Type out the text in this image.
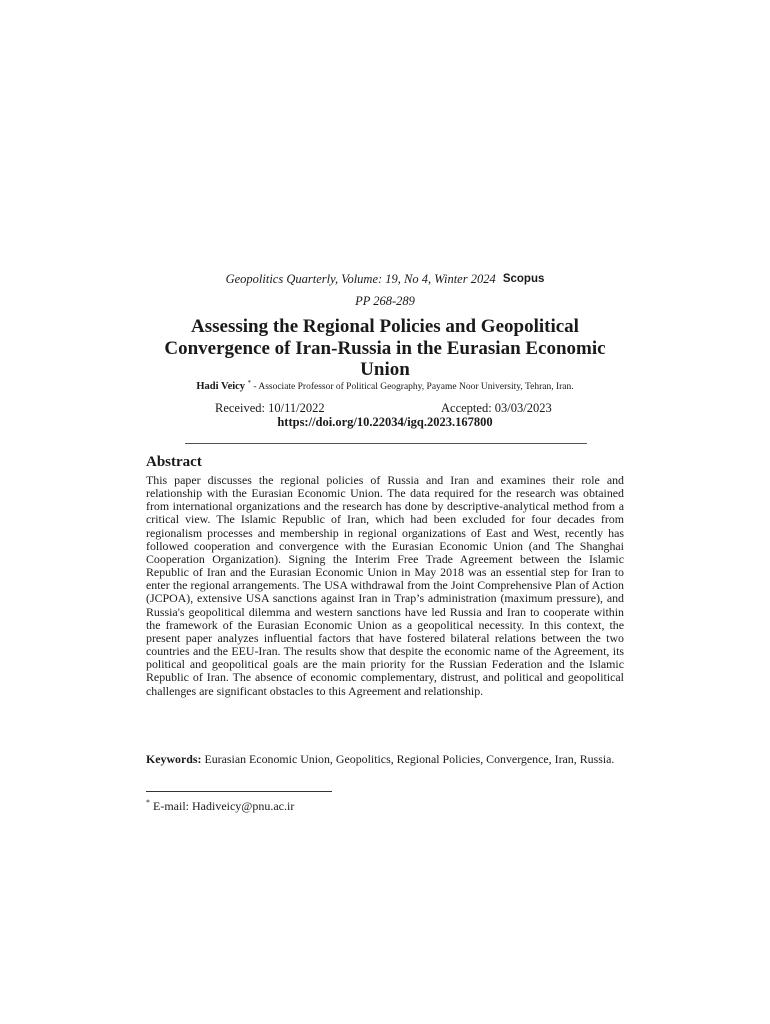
Geopolitics Quarterly, Volume: 19, No 4, Winter 2024 Scopus
PP 268-289
Assessing the Regional Policies and Geopolitical Convergence of Iran-Russia in the Eurasian Economic Union
Hadi Veicy * - Associate Professor of Political Geography, Payame Noor University, Tehran, Iran.
Received: 10/11/2022	Accepted: 03/03/2023
https://doi.org/10.22034/igq.2023.167800
Abstract
This paper discusses the regional policies of Russia and Iran and examines their role and relationship with the Eurasian Economic Union. The data required for the research was obtained from international organizations and the research has done by descriptive-analytical method from a critical view. The Islamic Republic of Iran, which had been excluded for four decades from regionalism processes and membership in regional organizations of East and West, recently has followed cooperation and convergence with the Eurasian Economic Union (and The Shanghai Cooperation Organization). Signing the Interim Free Trade Agreement between the Islamic Republic of Iran and the Eurasian Economic Union in May 2018 was an essential step for Iran to enter the regional arrangements. The USA withdrawal from the Joint Comprehensive Plan of Action (JCPOA), extensive USA sanctions against Iran in Trap’s administration (maximum pressure), and Russia's geopolitical dilemma and western sanctions have led Russia and Iran to cooperate within the framework of the Eurasian Economic Union as a geopolitical necessity. In this context, the present paper analyzes influential factors that have fostered bilateral relations between the two countries and the EEU-Iran. The results show that despite the economic name of the Agreement, its political and geopolitical goals are the main priority for the Russian Federation and the Islamic Republic of Iran. The absence of economic complementary, distrust, and political and geopolitical challenges are significant obstacles to this Agreement and relationship.
Keywords: Eurasian Economic Union, Geopolitics, Regional Policies, Convergence, Iran, Russia.
* E-mail: Hadiveicy@pnu.ac.ir
